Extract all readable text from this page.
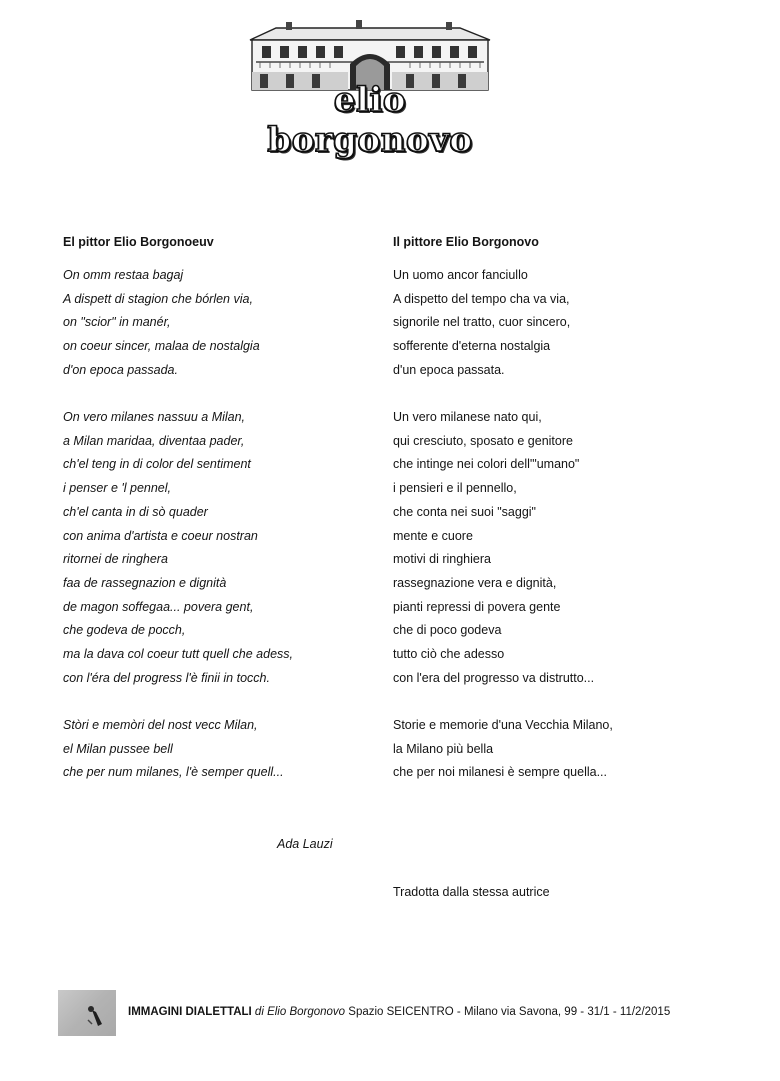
elio borgonovo
El pittor Elio Borgonoeuv
On omm restaa bagaj
A dispett di stagion che bórlen via,
on "scior" in manér,
on coeur sincer, malaa de nostalgia
d'on epoca passada.
On vero milanes nassuu a Milan,
a Milan maridaa, diventaa pader,
ch'el teng in di color del sentiment
i penser e 'l pennel,
ch'el canta in di sò quader
con anima d'artista e coeur nostran
ritornei de ringhera
faa de rassegnazion e dignità
de magon soffegaa... povera gent,
che godeva de pocch,
ma la dava col coeur tutt quell che adess,
con l'éra del progress l'è finii in tocch.
Stòri e memòri del nost vecc Milan,
el Milan pussee bell
che per num milanes, l'è semper quell...
Il pittore Elio Borgonovo
Un uomo ancor fanciullo
A dispetto del tempo cha va via,
signorile nel tratto, cuor sincero,
sofferente d'eterna nostalgia
d'un epoca passata.
Un vero milanese nato qui,
qui cresciuto, sposato e genitore
che intinge nei colori dell'"umano"
i pensieri e il pennello,
che conta nei suoi "saggi"
mente e cuore
motivi di ringhiera
rassegnazione vera e dignità,
pianti repressi di povera gente
che di poco godeva
tutto ciò che adesso
con l'era del progresso va distrutto...
Storie e memorie d'una Vecchia Milano,
la Milano più bella
che per noi milanesi è sempre quella...
Ada Lauzi
Tradotta dalla stessa autrice
IMMAGINI DIALETTALI di Elio Borgonovo Spazio SEICENTRO - Milano via Savona, 99 - 31/1 - 11/2/2015
